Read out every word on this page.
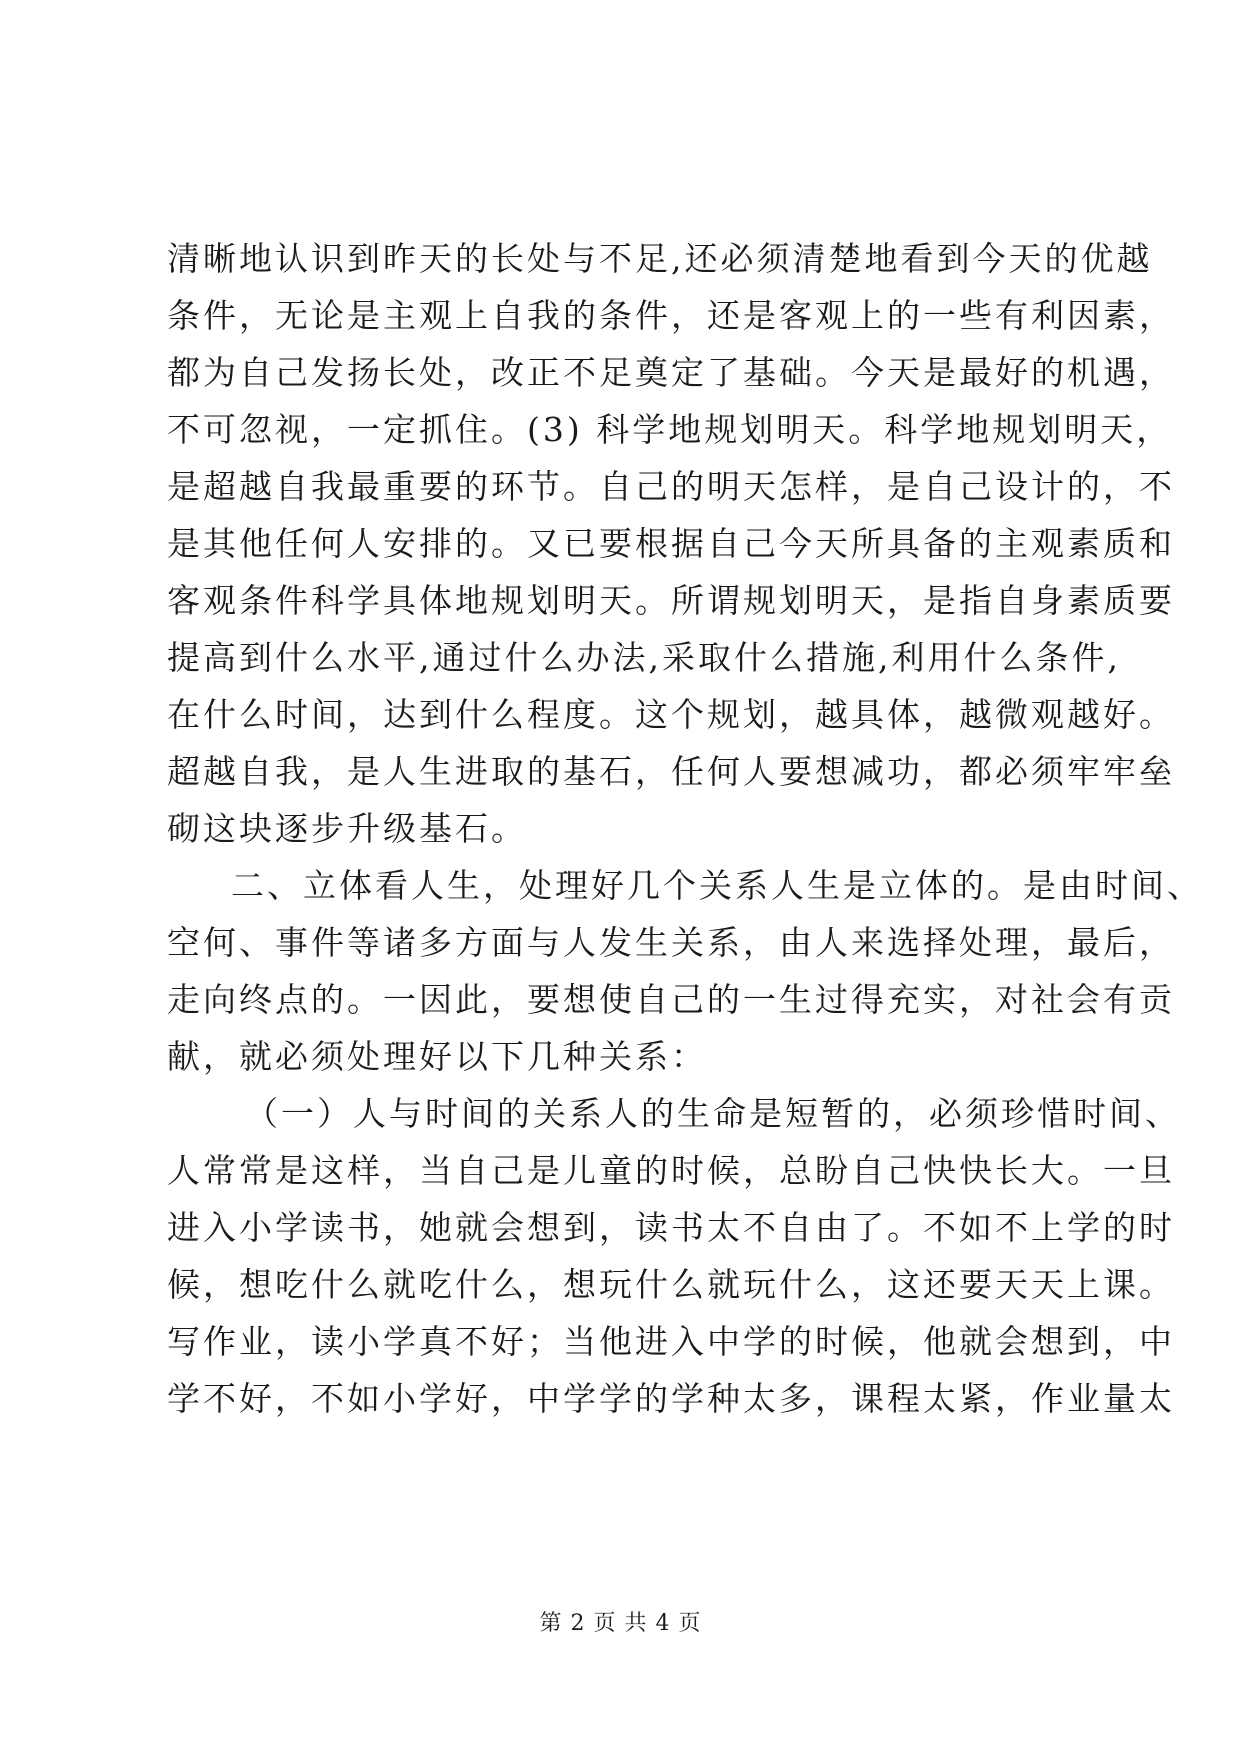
清晰地认识到昨天的长处与不足,还必须清楚地看到今天的优越
条件，无论是主观上自我的条件，还是客观上的一些有利因素，
都为自己发扬长处，改正不足奠定了基础。今天是最好的机遇，
不可忽视，一定抓住。(3) 科学地规划明天。科学地规划明天，
是超越自我最重要的环节。自己的明天怎样，是自己设计的，不
是其他任何人安排的。又已要根据自己今天所具备的主观素质和
客观条件科学具体地规划明天。所谓规划明天，是指自身素质要
提高到什么水平,通过什么办法,采取什么措施,利用什么条件,
在什么时间，达到什么程度。这个规划，越具体，越微观越好。
超越自我，是人生进取的基石，任何人要想减功，都必须牢牢垒
砌这块逐步升级基石。
二、立体看人生，处理好几个关系人生是立体的。是由时间、
空何、事件等诸多方面与人发生关系，由人来选择处理，最后，
走向终点的。一因此，要想使自己的一生过得充实，对社会有贡
献，就必须处理好以下几种关系：
（一）人与时间的关系人的生命是短暂的，必须珍惜时间、
人常常是这样，当自己是儿童的时候，总盼自己快快长大。一旦
进入小学读书，她就会想到，读书太不自由了。不如不上学的时
候，想吃什么就吃什么，想玩什么就玩什么，这还要天天上课。
写作业，读小学真不好；当他进入中学的时候，他就会想到，中
学不好，不如小学好，中学学的学种太多，课程太紧，作业量太
第 2 页 共 4 页
